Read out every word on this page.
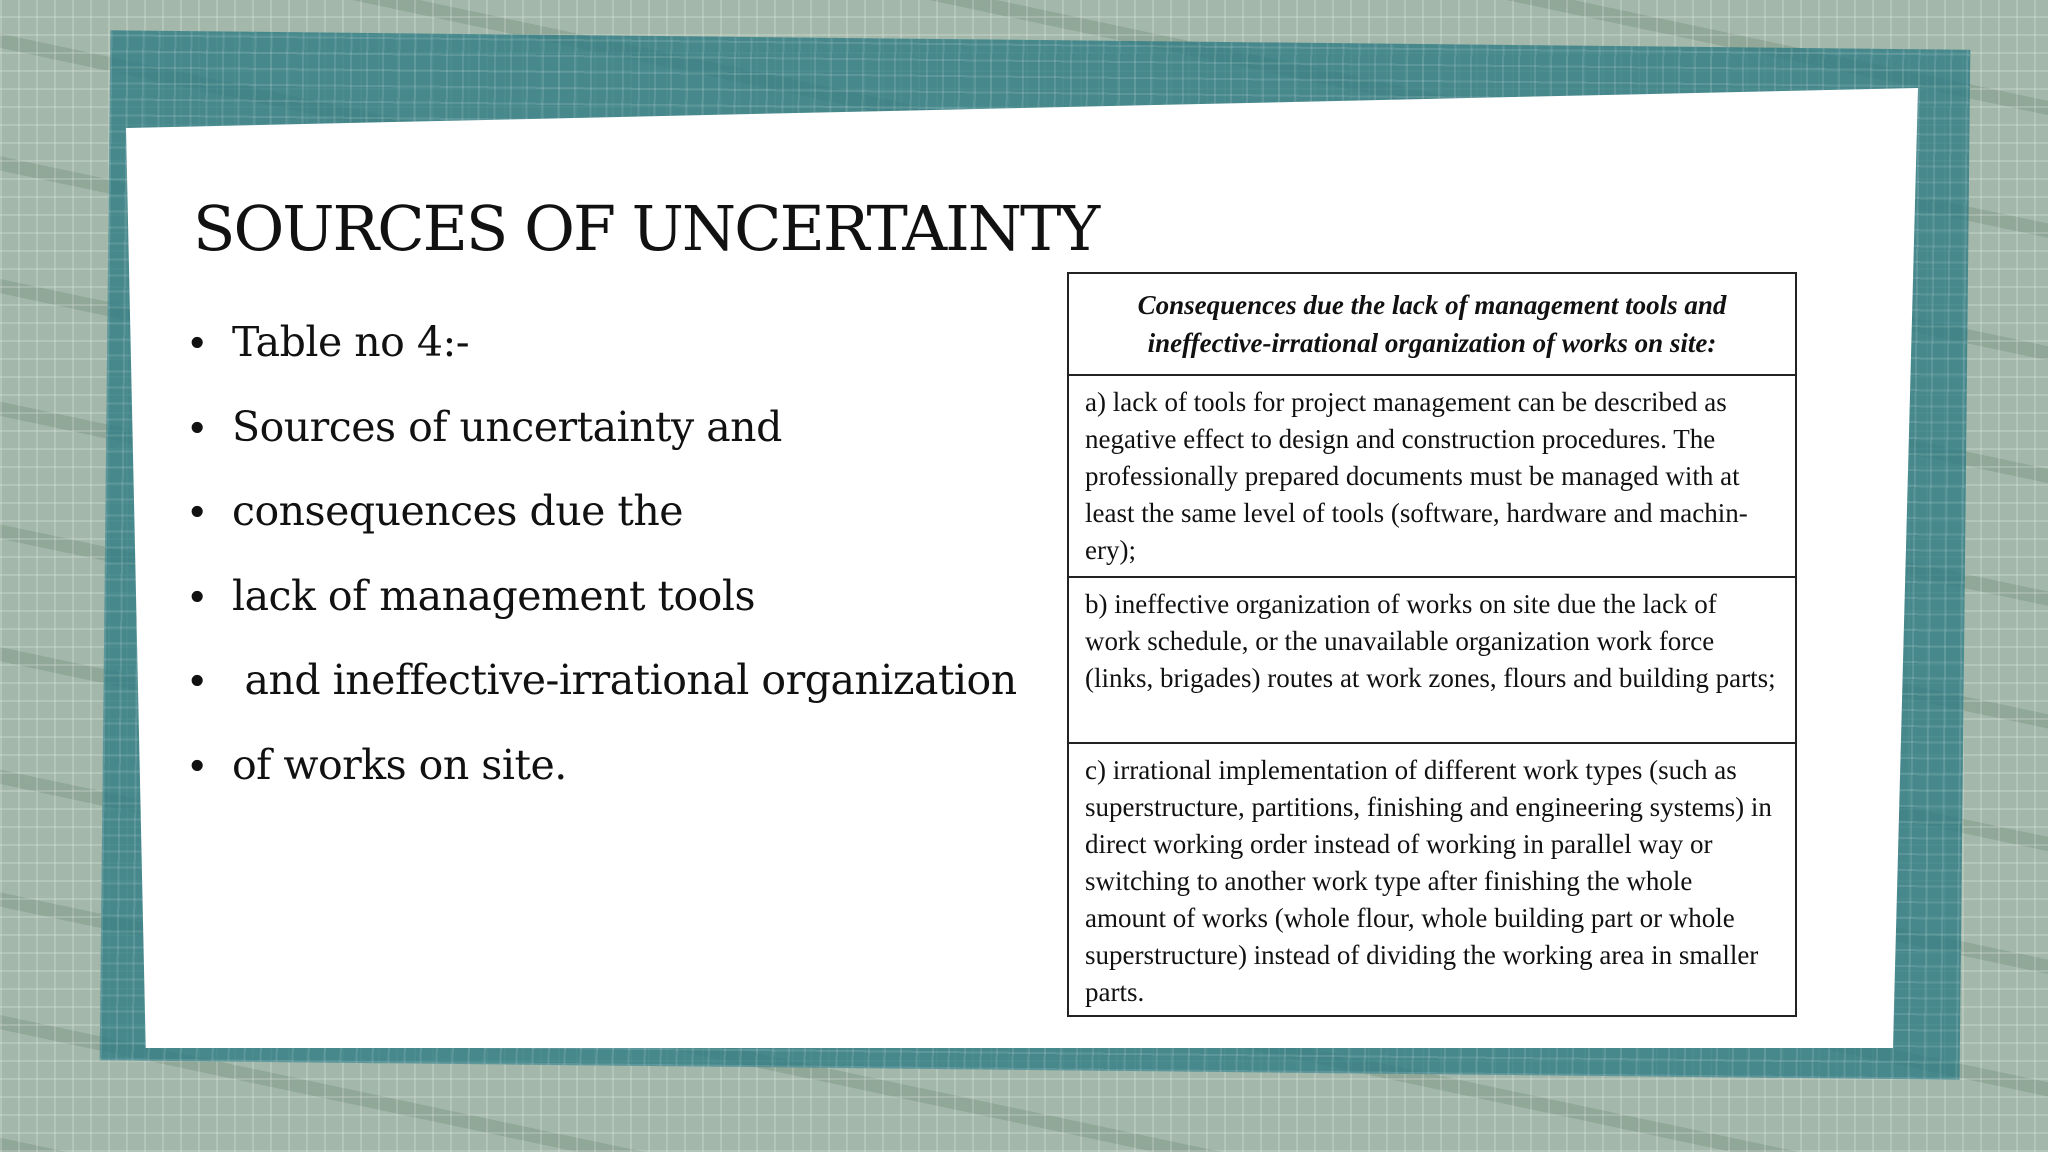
SOURCES OF UNCERTAINTY
• Table no 4:-
• Sources of uncertainty and
• consequences due the
• lack of management tools
• and ineffective-irrational organization
• of works on site.
Consequences due the lack of management tools and ineffective-irrational organization of works on site:
a) lack of tools for project management can be described as negative effect to design and construction procedures. The professionally prepared documents must be managed with at least the same level of tools (software, hardware and machin-ery);
b) ineffective organization of works on site due the lack of work schedule, or the unavailable organization work force (links, brigades) routes at work zones, flours and building parts;
c) irrational implementation of different work types (such as superstructure, partitions, finishing and engineering systems) in direct working order instead of working in parallel way or switching to another work type after finishing the whole amount of works (whole flour, whole building part or whole superstructure) instead of dividing the working area in smaller parts.
